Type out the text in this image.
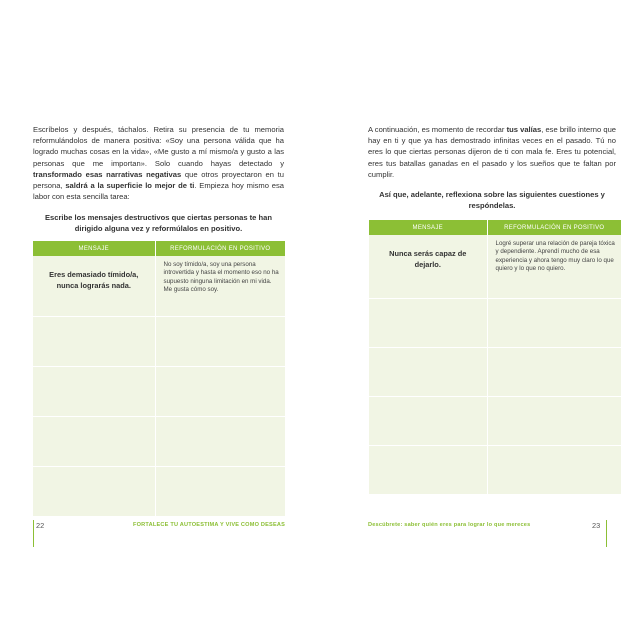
Escríbelos y después, táchalos. Retira su presencia de tu memoria reformulándolos de manera positiva: «Soy una persona válida que ha logrado muchas cosas en la vida», «Me gusto a mí mismo/a y gusto a las personas que me importan». Solo cuando hayas detectado y transformado esas narrativas negativas que otros proyectaron en tu persona, saldrá a la superficie lo mejor de ti. Empieza hoy mismo esa labor con esta sencilla tarea:

Escribe los mensajes destructivos que ciertas personas te han dirigido alguna vez y reformúlalos en positivo.

MENSAJE	REFORMULACIÓN EN POSITIVO

Eres demasiado tímido/a, nunca lograrás nada.	No soy tímido/a, soy una persona introvertida y hasta el momento eso no ha supuesto ninguna limitación en mi vida. Me gusta cómo soy.

22	FORTALECE TU AUTOESTIMA Y VIVE COMO DESEAS

A continuación, es momento de recordar tus valías, ese brillo interno que hay en ti y que ya has demostrado infinitas veces en el pasado. Tú no eres lo que ciertas personas dijeron de ti con mala fe. Eres tu potencial, eres tus batallas ganadas en el pasado y los sueños que te faltan por cumplir.

Así que, adelante, reflexiona sobre las siguientes cuestiones y respóndelas.

MENSAJE	REFORMULACIÓN EN POSITIVO

Nunca serás capaz de dejarlo.	Logré superar una relación de pareja tóxica y dependiente. Aprendí mucho de esa experiencia y ahora tengo muy claro lo que quiero y lo que no quiero.

23
Descúbrete: saber quién eres para lograr lo que mereces
